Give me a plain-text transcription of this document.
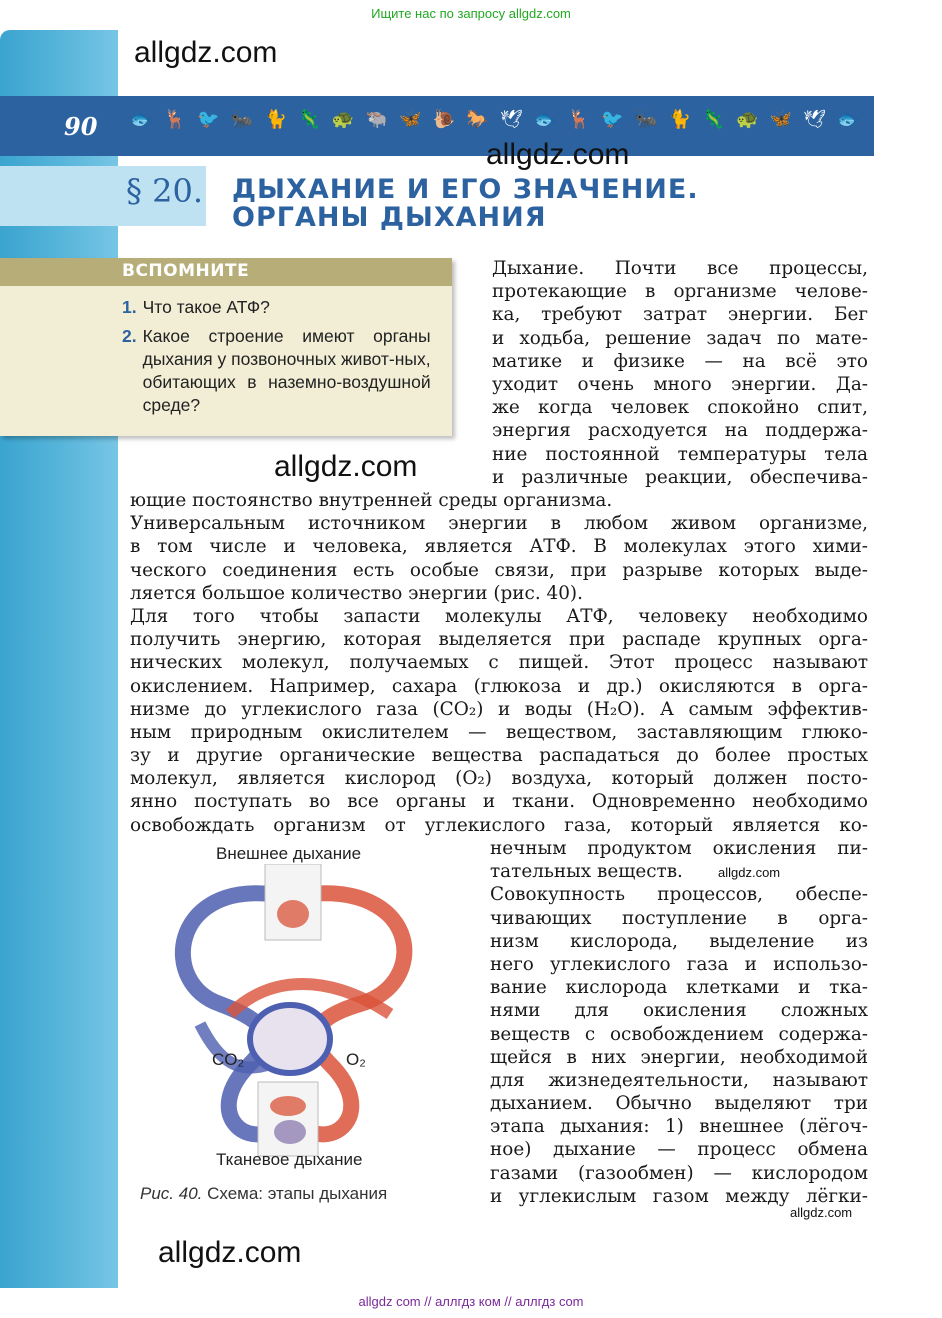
Ищите нас по запросу allgdz.com
90 🐟 🦌 🐦 🐜 🐈 🦎 🐢 🐃 🦋 🐌 🐎 🕊 🐟 🦌 🐦 🐜 🐈 🦎 🐢 🦋 🕊 🐟
allgdz.com
allgdz.com
allgdz.com
allgdz.com
allgdz.com
allgdz.com
§ 20. ДЫХАНИЕ И ЕГО ЗНАЧЕНИЕ.
ОРГАНЫ ДЫХАНИЯ
ВСПОМНИТЕ
1. Что такое АТФ?
2. Какое строение имеют органы дыхания у позвоночных живот-ных, обитающих в наземно-воздушной среде?
Дыхание. Почти все процессы,
протекающие в организме челове-
ка, требуют затрат энергии. Бег
и ходьба, решение задач по мате-
матике и физике — на всё это
уходит очень много энергии. Да-
же когда человек спокойно спит,
энергия расходуется на поддержа-
ние постоянной температуры тела
и различные реакции, обеспечива-
ющие постоянство внутренней среды организма.
Универсальным источником энергии в любом живом организме,
в том числе и человека, является АТФ. В молекулах этого хими-
ческого соединения есть особые связи, при разрыве которых выде-
ляется большое количество энергии (рис. 40).
Для того чтобы запасти молекулы АТФ, человеку необходимо
получить энергию, которая выделяется при распаде крупных орга-
нических молекул, получаемых с пищей. Этот процесс называют
окислением. Например, сахара (глюкоза и др.) окисляются в орга-
низме до углекислого газа (CO₂) и воды (H₂O). А самым эффектив-
ным природным окислителем — веществом, заставляющим глюко-
зу и другие органические вещества распадаться до более простых
молекул, является кислород (O₂) воздуха, который должен посто-
янно поступать во все органы и ткани. Одновременно необходимо
освобождать организм от углекислого газа, который является ко-
нечным продуктом окисления пи-
тательных веществ.
Совокупность процессов, обеспе-
чивающих поступление в орга-
низм кислорода, выделение из
него углекислого газа и использо-
вание кислорода клетками и тка-
нями для окисления сложных
веществ с освобождением содержа-
щейся в них энергии, необходимой
для жизнедеятельности, называют
дыханием. Обычно выделяют три
этапа дыхания: 1) внешнее (лёгоч-
ное) дыхание — процесс обмена
газами (газообмен) — кислородом
и углекислым газом между лёгки-
Внешнее дыхание
CO₂	O₂
Тканевое дыхание
Рис. 40. Схема: этапы дыхания
allgdz com // аллгдз ком // аллгдз com
